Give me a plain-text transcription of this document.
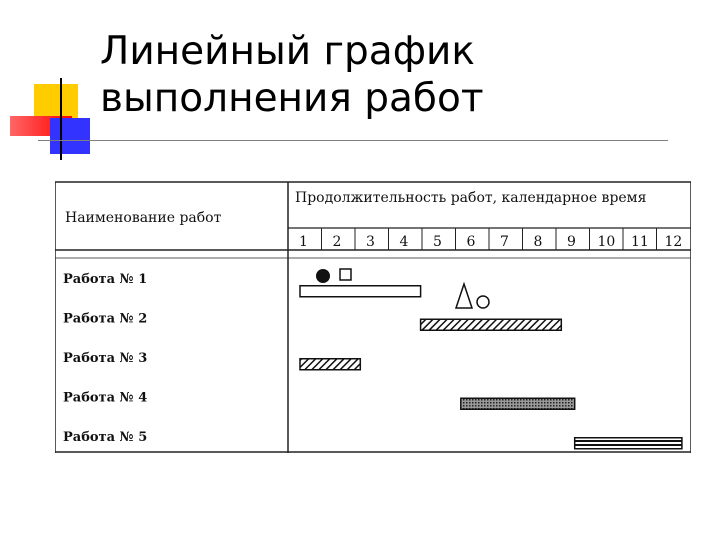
Линейный график
выполнения работ
Наименование работ
Продолжительность работ, календарное время
1 2 3 4 5 6 7 8 9 10 11 12
Работа № 1
Работа № 2
Работа № 3
Работа № 4
Работа № 5
